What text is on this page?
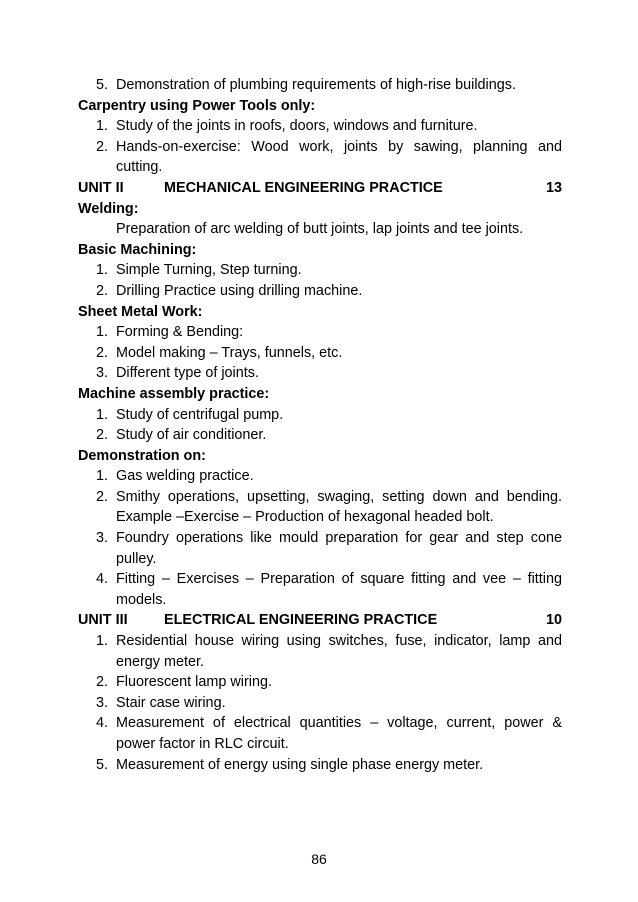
5. Demonstration of plumbing requirements of high-rise buildings.
Carpentry using Power Tools only:
1. Study of the joints in roofs, doors, windows and furniture.
2. Hands-on-exercise: Wood work, joints by sawing, planning and cutting.
UNIT II	MECHANICAL ENGINEERING PRACTICE	13
Welding:
Preparation of arc welding of butt joints, lap joints and tee joints.
Basic Machining:
1. Simple Turning, Step turning.
2. Drilling Practice using drilling machine.
Sheet Metal Work:
1. Forming & Bending:
2. Model making – Trays, funnels, etc.
3. Different type of joints.
Machine assembly practice:
1. Study of centrifugal pump.
2. Study of air conditioner.
Demonstration on:
1. Gas welding practice.
2. Smithy operations, upsetting, swaging, setting down and bending. Example –Exercise – Production of hexagonal headed bolt.
3. Foundry operations like mould preparation for gear and step cone pulley.
4. Fitting – Exercises – Preparation of square fitting and vee – fitting models.
UNIT III	ELECTRICAL ENGINEERING PRACTICE	10
1. Residential house wiring using switches, fuse, indicator, lamp and energy meter.
2. Fluorescent lamp wiring.
3. Stair case wiring.
4. Measurement of electrical quantities – voltage, current, power & power factor in RLC circuit.
5. Measurement of energy using single phase energy meter.
86
